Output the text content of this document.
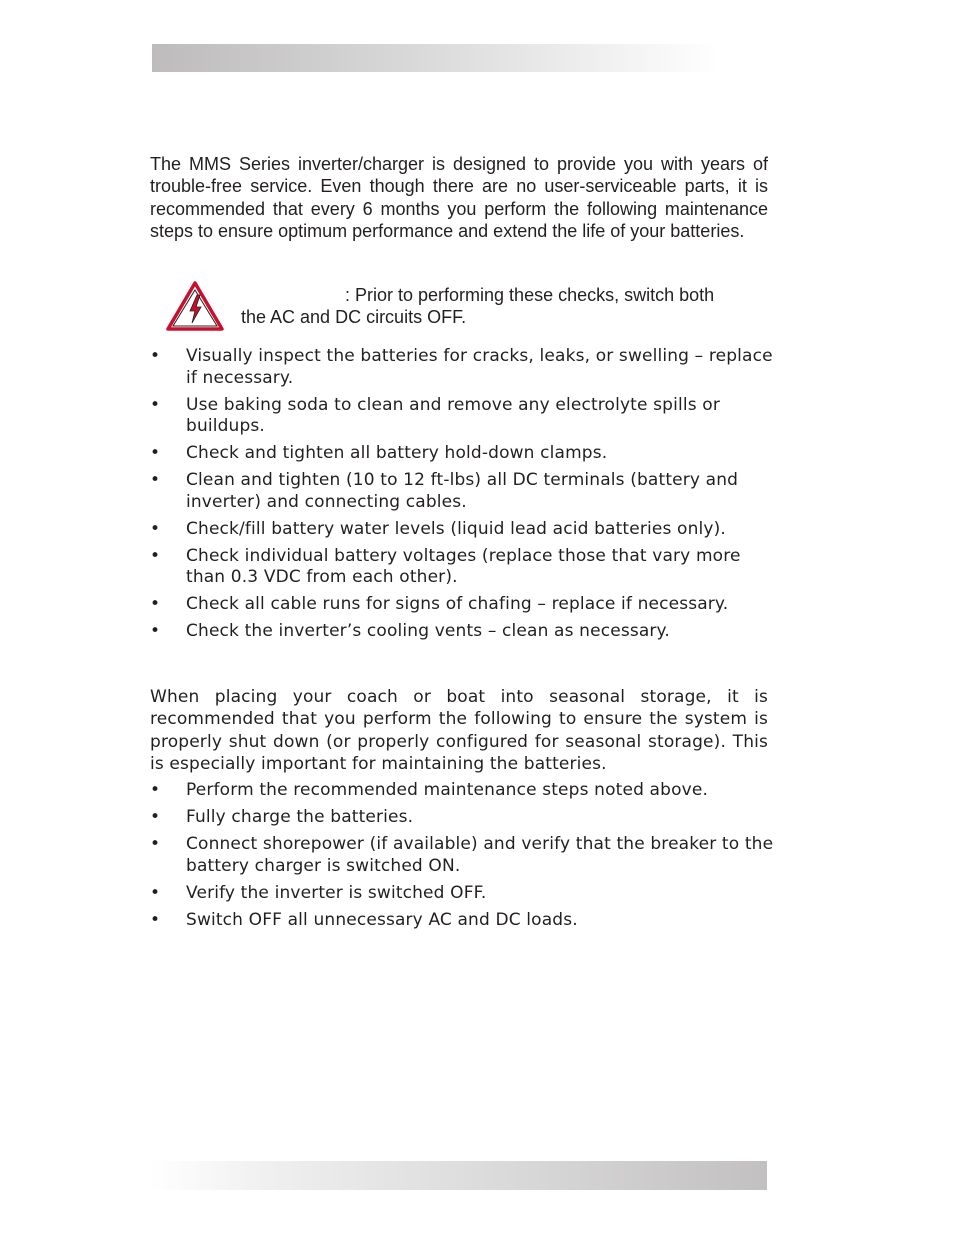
The MMS Series inverter/charger is designed to provide you with years of trouble-free service. Even though there are no user-serviceable parts, it is recommended that every 6 months you perform the following maintenance steps to ensure optimum performance and extend the life of your batteries.

: Prior to performing these checks, switch both
the AC and DC circuits OFF.

• Visually inspect the batteries for cracks, leaks, or swelling – replace if necessary.
• Use baking soda to clean and remove any electrolyte spills or buildups.
• Check and tighten all battery hold-down clamps.
• Clean and tighten (10 to 12 ft-lbs) all DC terminals (battery and inverter) and connecting cables.
• Check/fill battery water levels (liquid lead acid batteries only).
• Check individual battery voltages (replace those that vary more than 0.3 VDC from each other).
• Check all cable runs for signs of chafing – replace if necessary.
• Check the inverter’s cooling vents – clean as necessary.

When placing your coach or boat into seasonal storage, it is recommended that you perform the following to ensure the system is properly shut down (or properly configured for seasonal storage). This is especially important for maintaining the batteries.

• Perform the recommended maintenance steps noted above.
• Fully charge the batteries.
• Connect shorepower (if available) and verify that the breaker to the battery charger is switched ON.
• Verify the inverter is switched OFF.
• Switch OFF all unnecessary AC and DC loads.
